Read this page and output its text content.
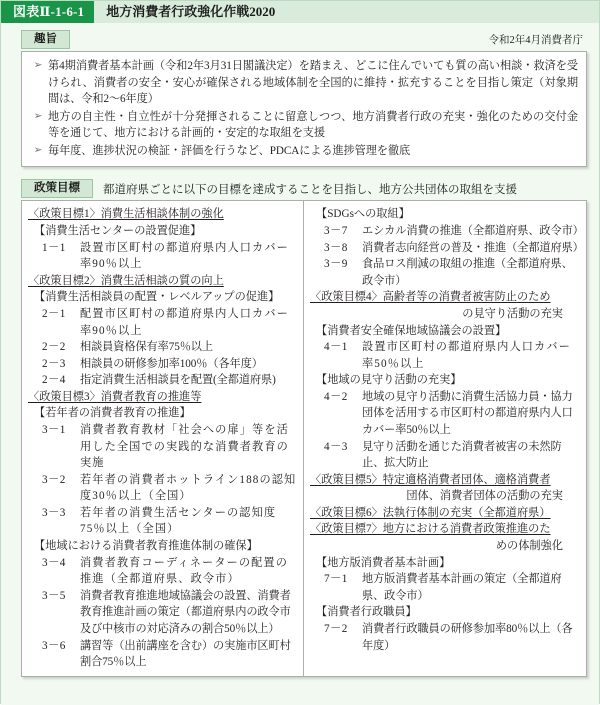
図表Ⅱ-1-6-1	地方消費者行政強化作戦2020
趣旨	令和2年4月消費者庁
➢ 第4期消費者基本計画（令和2年3月31日閣議決定）を踏まえ、どこに住んでいても質の高い相談・救済を受けられ、消費者の安全・安心が確保される地域体制を全国的に維持・拡充することを目指し策定（対象期間は、令和2～6年度）
➢ 地方の自主性・自立性が十分発揮されることに留意しつつ、地方消費者行政の充実・強化のための交付金等を通じて、地方における計画的・安定的な取組を支援
➢ 毎年度、進捗状況の検証・評価を行うなど、PDCAによる進捗管理を徹底
政策目標	都道府県ごとに以下の目標を達成することを目指し、地方公共団体の取組を支援
〈政策目標1〉消費生活相談体制の強化
【消費生活センターの設置促進】
1－1	設置市区町村の都道府県内人口カバー率90％以上
〈政策目標2〉消費生活相談の質の向上
【消費生活相談員の配置・レベルアップの促進】
2－1	配置市区町村の都道府県内人口カバー率90％以上
2－2	相談員資格保有率75％以上
2－3	相談員の研修参加率100％（各年度）
2－4	指定消費生活相談員を配置(全都道府県)
〈政策目標3〉消費者教育の推進等
【若年者の消費者教育の推進】
3－1	消費者教育教材「社会への扉」等を活用した全国での実践的な消費者教育の実施
3－2	若年者の消費者ホットライン188の認知度30％以上（全国）
3－3	若年者の消費生活センターの認知度75％以上（全国）
【地域における消費者教育推進体制の確保】
3－4	消費者教育コーディネーターの配置の推進（全都道府県、政令市）
3－5	消費者教育推進地域協議会の設置、消費者教育推進計画の策定（都道府県内の政令市及び中核市の対応済みの割合50％以上）
3－6	講習等（出前講座を含む）の実施市区町村割合75％以上
【SDGsへの取組】
3－7	エシカル消費の推進（全都道府県、政令市）
3－8	消費者志向経営の普及・推進（全都道府県）
3－9	食品ロス削減の取組の推進（全都道府県、政令市）
〈政策目標4〉高齢者等の消費者被害防止のため
の見守り活動の充実
【消費者安全確保地域協議会の設置】
4－1	設置市区町村の都道府県内人口カバー率50％以上
【地域の見守り活動の充実】
4－2	地域の見守り活動に消費生活協力員・協力団体を活用する市区町村の都道府県内人口カバー率50％以上
4－3	見守り活動を通じた消費者被害の未然防止、拡大防止
〈政策目標5〉特定適格消費者団体、適格消費者
団体、消費者団体の活動の充実
〈政策目標6〉法執行体制の充実（全都道府県）
〈政策目標7〉地方における消費者政策推進のた
めの体制強化
【地方版消費者基本計画】
7－1	地方版消費者基本計画の策定（全都道府県、政令市）
【消費者行政職員】
7－2	消費者行政職員の研修参加率80％以上（各年度）
